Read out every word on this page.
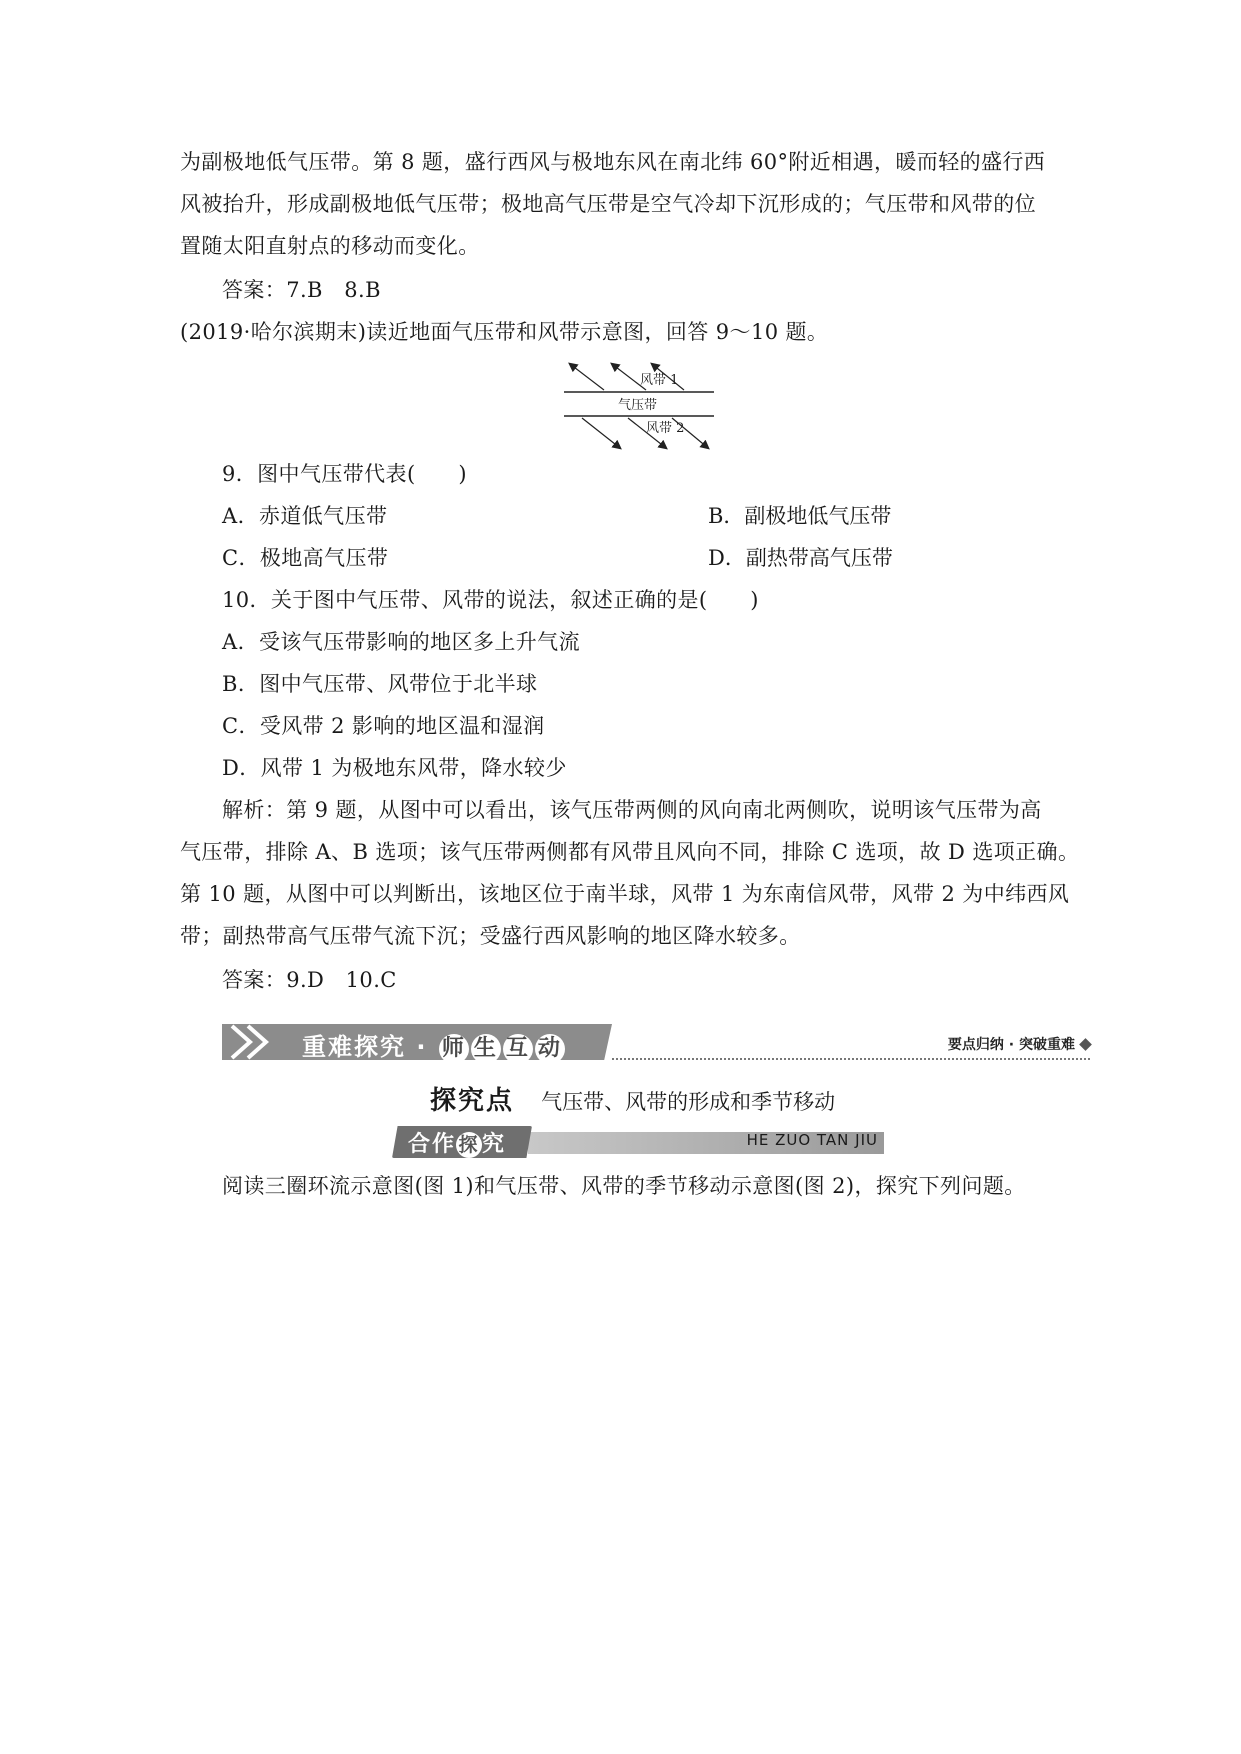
为副极地低气压带。第 8 题，盛行西风与极地东风在南北纬 60°附近相遇，暖而轻的盛行西
风被抬升，形成副极地低气压带；极地高气压带是空气冷却下沉形成的；气压带和风带的位
置随太阳直射点的移动而变化。
答案：7.B　8.B
(2019·哈尔滨期末)读近地面气压带和风带示意图，回答 9～10 题。
风带 1
气压带
风带 2
9．图中气压带代表(　　)
A．赤道低气压带	B．副极地低气压带
C．极地高气压带	D．副热带高气压带
10．关于图中气压带、风带的说法，叙述正确的是(　　)
A．受该气压带影响的地区多上升气流
B．图中气压带、风带位于北半球
C．受风带 2 影响的地区温和湿润
D．风带 1 为极地东风带，降水较少
解析：第 9 题，从图中可以看出，该气压带两侧的风向南北两侧吹，说明该气压带为高
气压带，排除 A、B 选项；该气压带两侧都有风带且风向不同，排除 C 选项，故 D 选项正确。
第 10 题，从图中可以判断出，该地区位于南半球，风带 1 为东南信风带，风带 2 为中纬西风
带；副热带高气压带气流下沉；受盛行西风影响的地区降水较多。
答案：9.D　10.C
重难探究 · 师 生 互 动	要点归纳 · 突破重难
探究点 气压带、风带的形成和季节移动
合作 探 究	HE ZUO TAN JIU
阅读三圈环流示意图(图 1)和气压带、风带的季节移动示意图(图 2)，探究下列问题。
